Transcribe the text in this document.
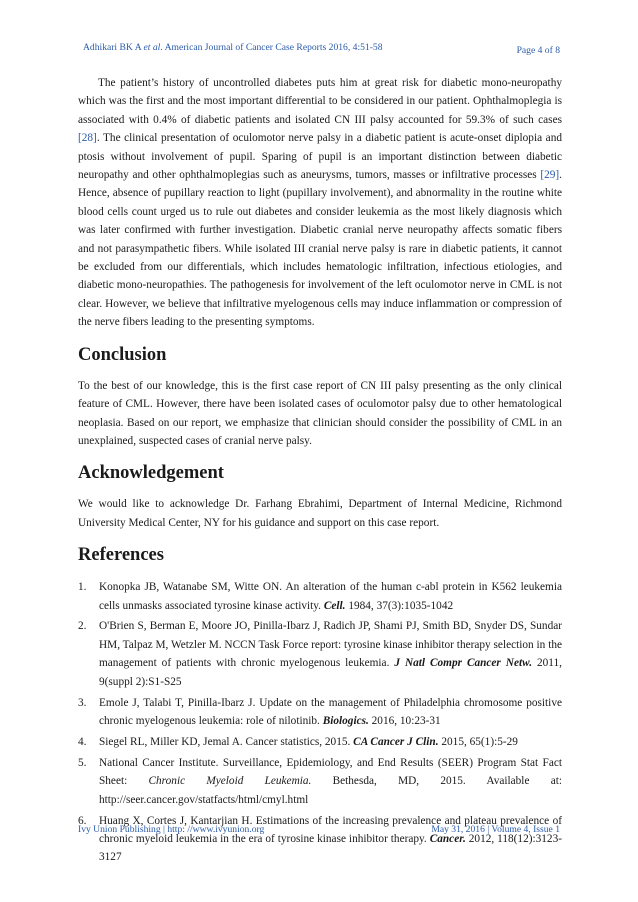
Adhikari BK A et al. American Journal of Cancer Case Reports 2016, 4:51-58	Page 4 of 8

The patient’s history of uncontrolled diabetes puts him at great risk for diabetic mono-neuropathy which was the first and the most important differential to be considered in our patient. Ophthalmoplegia is associated with 0.4% of diabetic patients and isolated CN III palsy accounted for 59.3% of such cases [28]. The clinical presentation of oculomotor nerve palsy in a diabetic patient is acute-onset diplopia and ptosis without involvement of pupil. Sparing of pupil is an important distinction between diabetic neuropathy and other ophthalmoplegias such as aneurysms, tumors, masses or infiltrative processes [29]. Hence, absence of pupillary reaction to light (pupillary involvement), and abnormality in the routine white blood cells count urged us to rule out diabetes and consider leukemia as the most likely diagnosis which was later confirmed with further investigation. Diabetic cranial nerve neuropathy affects somatic fibers and not parasympathetic fibers. While isolated III cranial nerve palsy is rare in diabetic patients, it cannot be excluded from our differentials, which includes hematologic infiltration, infectious etiologies, and diabetic mono-neuropathies. The pathogenesis for involvement of the left oculomotor nerve in CML is not clear. However, we believe that infiltrative myelogenous cells may induce inflammation or compression of the nerve fibers leading to the presenting symptoms.

Conclusion

To the best of our knowledge, this is the first case report of CN III palsy presenting as the only clinical feature of CML. However, there have been isolated cases of oculomotor palsy due to other hematological neoplasia. Based on our report, we emphasize that clinician should consider the possibility of CML in an unexplained, suspected cases of cranial nerve palsy.

Acknowledgement

We would like to acknowledge Dr. Farhang Ebrahimi, Department of Internal Medicine, Richmond University Medical Center, NY for his guidance and support on this case report.

References
1. Konopka JB, Watanabe SM, Witte ON. An alteration of the human c-abl protein in K562 leukemia cells unmasks associated tyrosine kinase activity. Cell. 1984, 37(3):1035-1042
2. O'Brien S, Berman E, Moore JO, Pinilla-Ibarz J, Radich JP, Shami PJ, Smith BD, Snyder DS, Sundar HM, Talpaz M, Wetzler M. NCCN Task Force report: tyrosine kinase inhibitor therapy selection in the management of patients with chronic myelogenous leukemia. J Natl Compr Cancer Netw. 2011, 9(suppl 2):S1-S25
3. Emole J, Talabi T, Pinilla-Ibarz J. Update on the management of Philadelphia chromosome positive chronic myelogenous leukemia: role of nilotinib. Biologics. 2016, 10:23-31
4. Siegel RL, Miller KD, Jemal A. Cancer statistics, 2015. CA Cancer J Clin. 2015, 65(1):5-29
5. National Cancer Institute. Surveillance, Epidemiology, and End Results (SEER) Program Stat Fact Sheet: Chronic Myeloid Leukemia. Bethesda, MD, 2015. Available at: http://seer.cancer.gov/statfacts/html/cmyl.html
6. Huang X, Cortes J, Kantarjian H. Estimations of the increasing prevalence and plateau prevalence of chronic myeloid leukemia in the era of tyrosine kinase inhibitor therapy. Cancer. 2012, 118(12):3123-3127
Ivy Union Publishing | http: //www.ivyunion.org	May 31, 2016 | Volume 4, Issue 1
